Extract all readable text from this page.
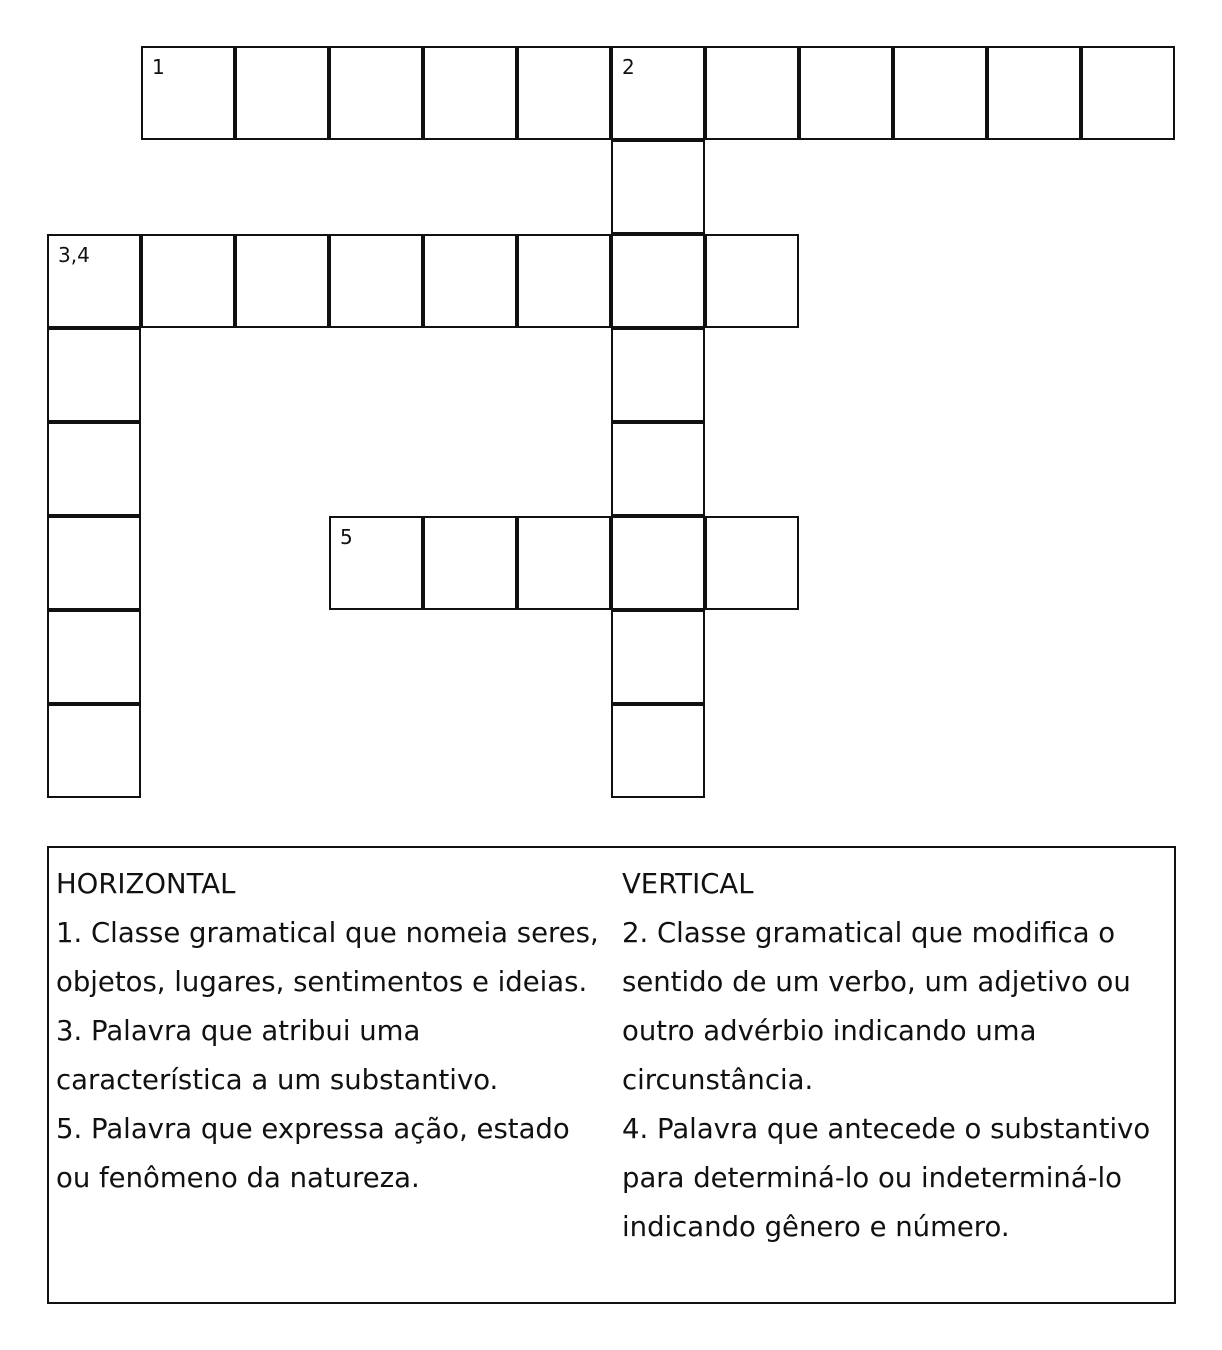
1	2
3,4
5
HORIZONTAL
1. Classe gramatical que nomeia seres, objetos, lugares, sentimentos e ideias.
3. Palavra que atribui uma característica a um substantivo.
5. Palavra que expressa ação, estado ou fenômeno da natureza.
VERTICAL
2. Classe gramatical que modifica o sentido de um verbo, um adjetivo ou outro advérbio indicando uma circunstância.
4. Palavra que antecede o substantivo para determiná-lo ou indeterminá-lo indicando gênero e número.
